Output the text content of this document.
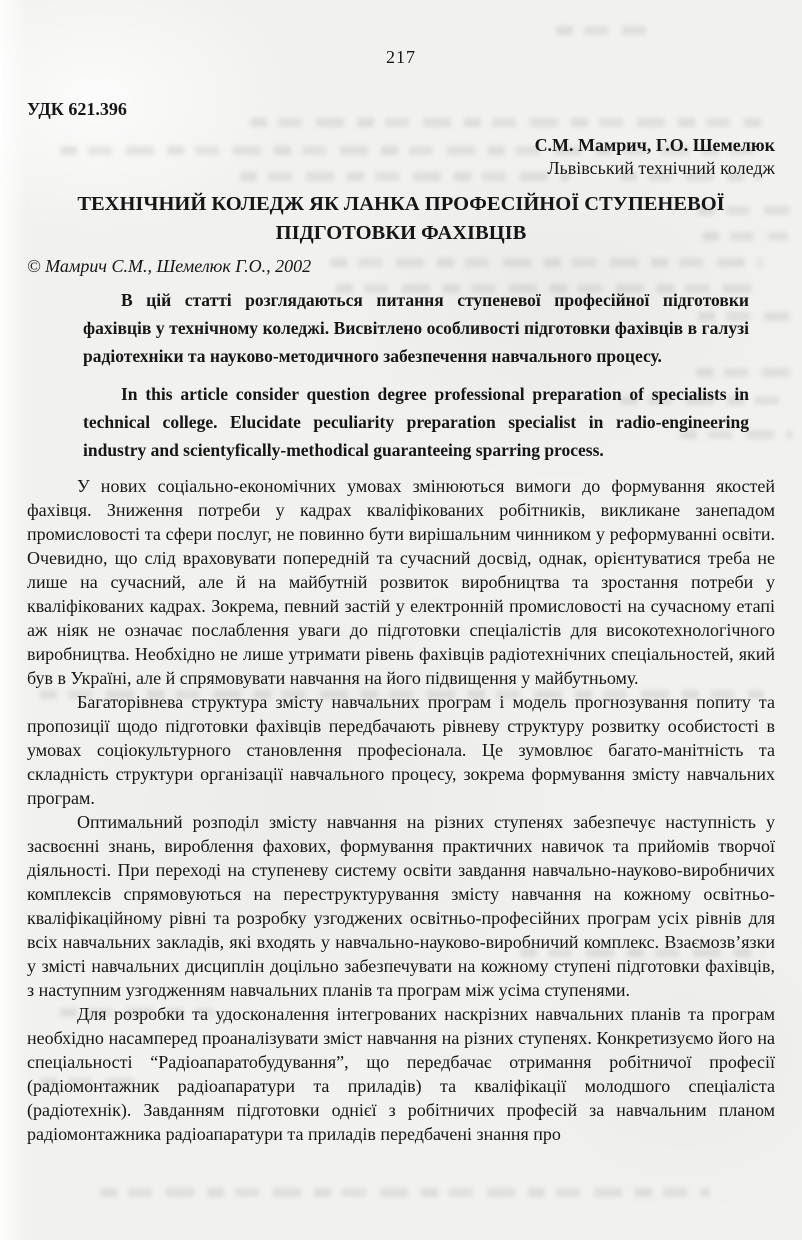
217
УДК 621.396
С.М. Мамрич, Г.О. Шемелюк
Львівський технічний коледж
ТЕХНІЧНИЙ КОЛЕДЖ ЯК ЛАНКА ПРОФЕСІЙНОЇ СТУПЕНЕВОЇ
ПІДГОТОВКИ ФАХІВЦІВ
© Мамрич С.М., Шемелюк Г.О., 2002

В цій статті розглядаються питання ступеневої професійної підготовки фахівців у технічному коледжі. Висвітлено особливості підготовки фахівців в галузі радіотехніки та науково-методичного забезпечення навчального процесу.

In this article consider question degree professional preparation of specialists in technical college. Elucidate peculiarity preparation specialist in radio-engineering industry and scientyfically-methodical guaranteeing sparring process.

У нових соціально-економічних умовах змінюються вимоги до формування якостей фахівця. Зниження потреби у кадрах кваліфікованих робітників, викликане занепадом промисловості та сфери послуг, не повинно бути вирішальним чинником у реформуванні освіти. Очевидно, що слід враховувати попередній та сучасний досвід, однак, орієнтуватися треба не лише на сучасний, але й на майбутній розвиток виробництва та зростання потреби у кваліфікованих кадрах. Зокрема, певний застій у електронній промисловості на сучасному етапі аж ніяк не означає послаблення уваги до підготовки спеціалістів для високотехнологічного виробництва. Необхідно не лише утримати рівень фахівців радіотехнічних спеціальностей, який був в Україні, але й спрямовувати навчання на його підвищення у майбутньому.

Багаторівнева структура змісту навчальних програм і модель прогнозування попиту та пропозиції щодо підготовки фахівців передбачають рівневу структуру розвитку особистості в умовах соціокультурного становлення професіонала. Це зумовлює багато-манітність та складність структури організації навчального процесу, зокрема формування змісту навчальних програм.

Оптимальний розподіл змісту навчання на різних ступенях забезпечує наступність у засвоєнні знань, вироблення фахових, формування практичних навичок та прийомів творчої діяльності. При переході на ступеневу систему освіти завдання навчально-науково-виробничих комплексів спрямовуються на переструктурування змісту навчання на кожному освітньо-кваліфікаційному рівні та розробку узгоджених освітньо-професійних програм усіх рівнів для всіх навчальних закладів, які входять у навчально-науково-виробничий комплекс. Взаємозв’язки у змісті навчальних дисциплін доцільно забезпечувати на кожному ступені підготовки фахівців, з наступним узгодженням навчальних планів та програм між усіма ступенями.

Для розробки та удосконалення інтегрованих наскрізних навчальних планів та програм необхідно насамперед проаналізувати зміст навчання на різних ступенях. Конкретизуємо його на спеціальності “Радіоапаратобудування”, що передбачає отримання робітничої професії (радіомонтажник радіоапаратури та приладів) та кваліфікації молодшого спеціаліста (радіотехнік). Завданням підготовки однієї з робітничих професій за навчальним планом радіомонтажника радіоапаратури та приладів передбачені знання про
